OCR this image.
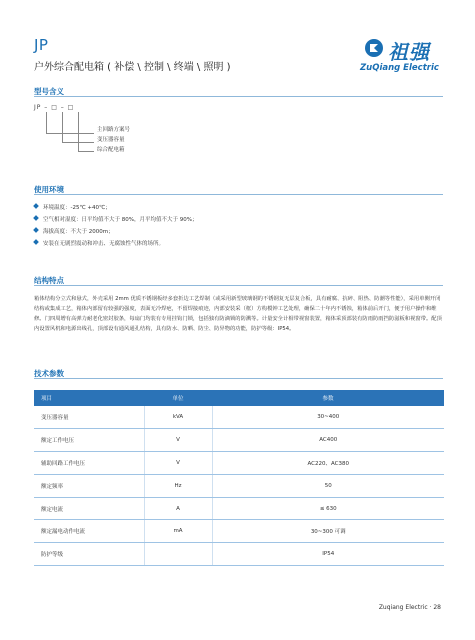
JP
户外综合配电箱 ( 补偿 \ 控制 \ 终端 \ 照明 )
祖强
ZuQiang Electric
型号含义
JP – □ – □
主回路方案号
变压器容量
综合配电箱
使用环境
环境温度：-25℃ +40℃；
空气相对湿度：日平均值不大于 80%，月平均值不大于 90%；
海拔高度：不大于 2000m；
安装在无剧烈震动和冲击、无腐蚀性气体的场所。
结构特点
箱体结构分立式和悬式，外壳采用 2mm 优质不锈钢板经多套折边工艺焊制（或采用新型玻璃钢的不锈钢复无层复合板，具有耐腐、抗碎、阻热、防潮等性能），采用单侧开闭结构或集成工艺，箱体内部留有较强的强度，表面无冷焊疤，不留焊接痕迹，内部安装采（框）方构模钟工艺处理，确保二十年内不锈蚀，箱体前后开门，便于用户操作和维修。门四周增有高弹力耐老化密封胶条，每扇门均装有专用挂钩门锁，包括独有防滴锁的防溅等。计量安全计相带视窗装置，箱体采顶部装有防雨防雨挡防滋板和视窗带。配顶内设置风机和电源出线孔，顶部设有通风通孔结构，具有防水、防晒、防尘、防异物的功能，防护等级：IP54。
技术参数
项目	单位	参数
变压器容量	kVA	30~400
额定工作电压	V	AC400
辅助回路工作电压	V	AC220、AC380
额定频率	Hz	50
额定电流	A	≤ 630
额定漏电动作电流	mA	30~300 可调
防护等级		IP54
Zuqiang Electric · 28
